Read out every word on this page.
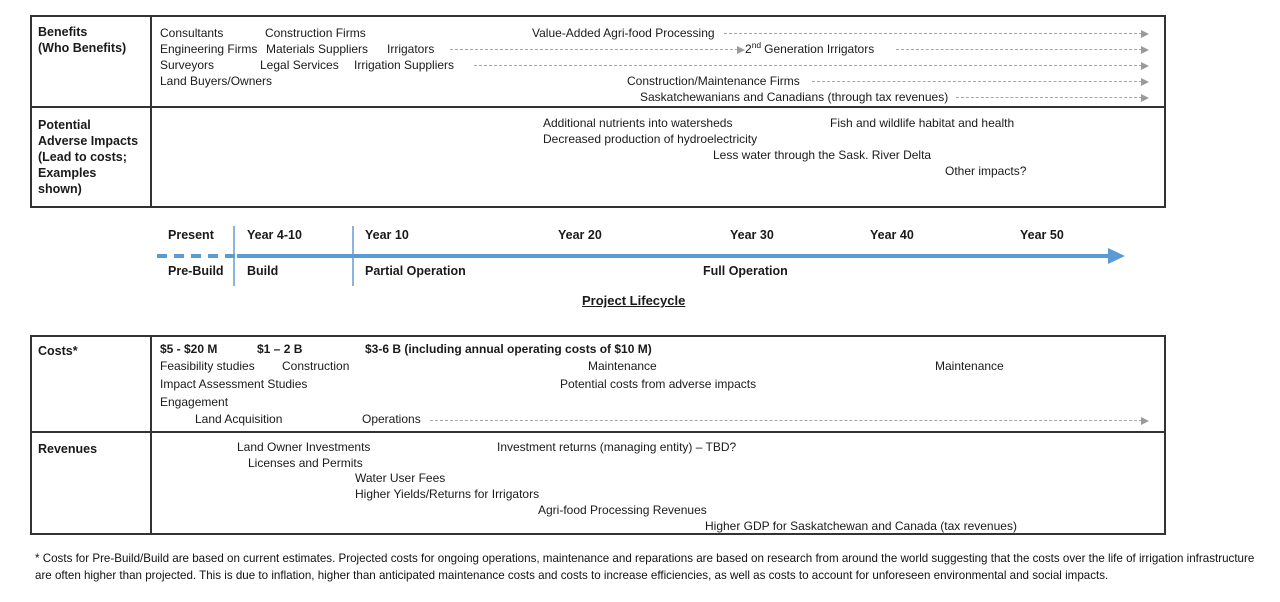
Benefits
(Who Benefits)
Consultants	Construction Firms	Value-Added Agri-food Processing
Engineering Firms Materials Suppliers Irrigators	2nd Generation Irrigators
Surveyors	Legal Services Irrigation Suppliers
Land Buyers/Owners	Construction/Maintenance Firms
Saskatchewanians and Canadians (through tax revenues)
Potential
Adverse Impacts
(Lead to costs;
Examples
shown)
Additional nutrients into watersheds	Fish and wildlife habitat and health
Decreased production of hydroelectricity
Less water through the Sask. River Delta
Other impacts?
Present	Year 4-10	Year 10	Year 20	Year 30	Year 40	Year 50
Pre-Build Build	Partial Operation	Full Operation
Project Lifecycle
Costs*	$5 - $20 M	$1 – 2 B	$3-6 B (including annual operating costs of $10 M)
Feasibility studies Construction	Maintenance	Maintenance
Impact Assessment Studies	Potential costs from adverse impacts
Engagement
Land Acquisition	Operations
Revenues	Land Owner Investments	Investment returns (managing entity) – TBD?
Licenses and Permits
Water User Fees
Higher Yields/Returns for Irrigators
Agri-food Processing Revenues
Higher GDP for Saskatchewan and Canada (tax revenues)
* Costs for Pre-Build/Build are based on current estimates. Projected costs for ongoing operations, maintenance and reparations are based on research from around the world suggesting that the costs over the life of irrigation infrastructure are often higher than projected. This is due to inflation, higher than anticipated maintenance costs and costs to increase efficiencies, as well as costs to account for unforeseen environmental and social impacts.
